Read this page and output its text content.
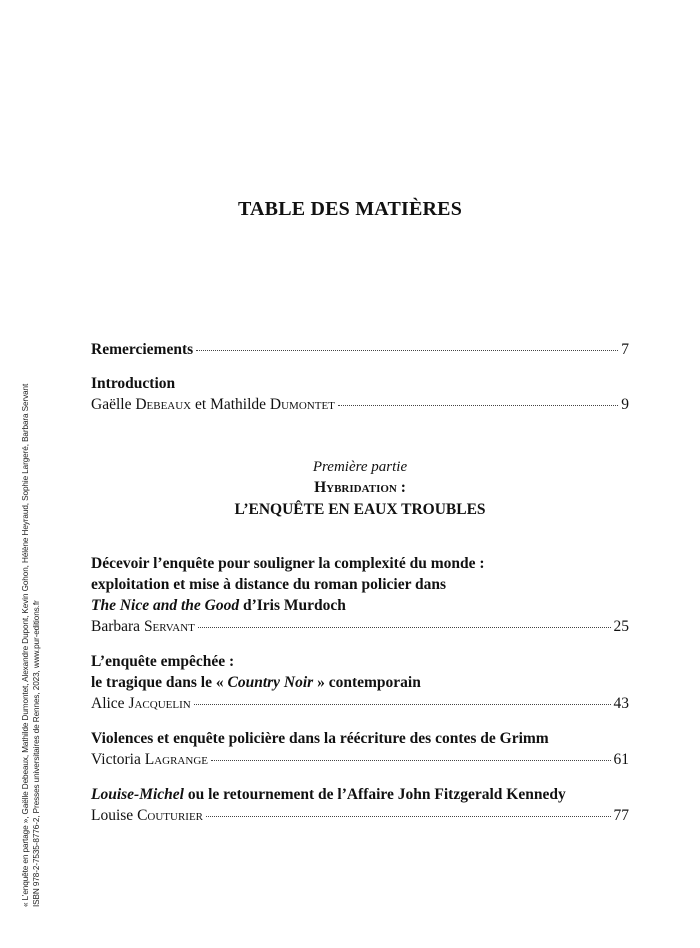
« L’enquête en partage », Gaëlle Debeaux, Mathilde Dumontet, Alexandre Dupont, Kevin Gohon, Hélène Heyraud, Sophie Largeré, Barbara Servant ISBN 978-2-7535-8776-2, Presses universitaires de Rennes, 2023, www.pur-editions.fr
TABLE DES MATIÈRES
Remerciements	7
Introduction
Gaëlle Debeaux et Mathilde Dumontet	9
Première partie
Hybridation :
L’ENQUÊTE EN EAUX TROUBLES
Décevoir l’enquête pour souligner la complexité du monde :
exploitation et mise à distance du roman policier dans
The Nice and the Good d’Iris Murdoch
Barbara Servant	25
L’enquête empêchée :
le tragique dans le « Country Noir » contemporain
Alice Jacquelin	43
Violences et enquête policière dans la réécriture des contes de Grimm
Victoria Lagrange	61
Louise-Michel ou le retournement de l’Affaire John Fitzgerald Kennedy
Louise Couturier	77
